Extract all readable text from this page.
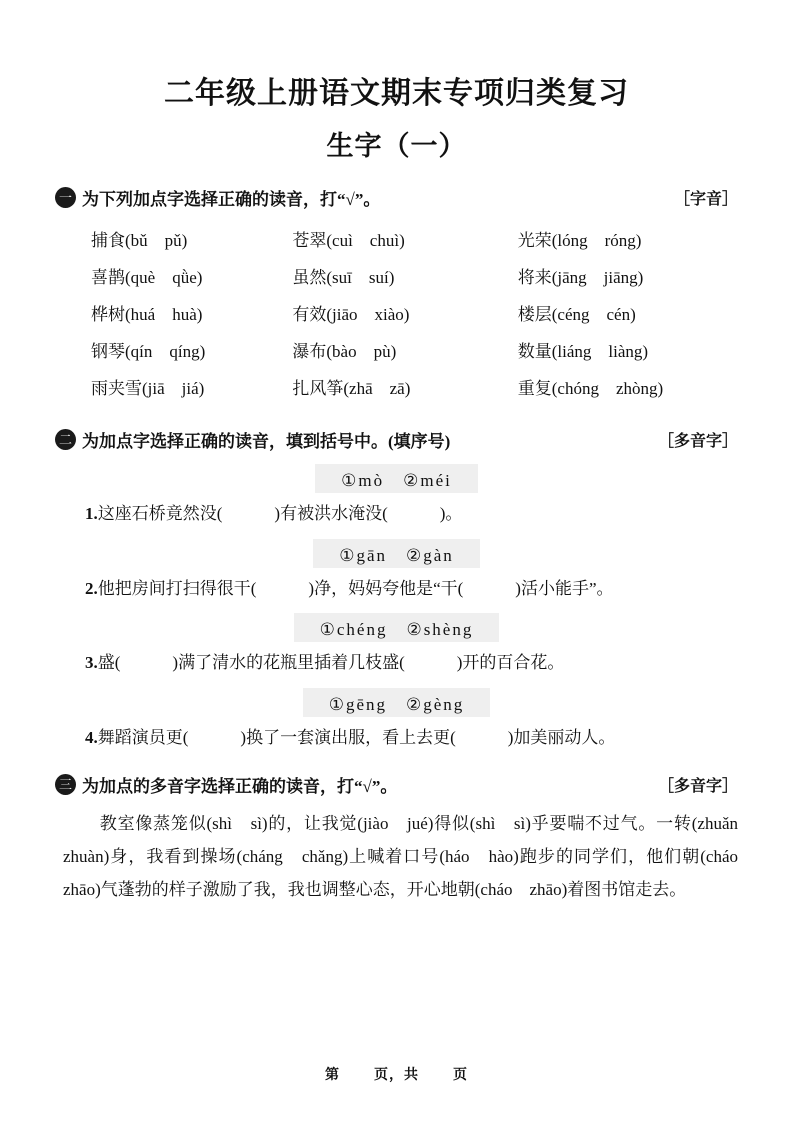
二年级上册语文期末专项归类复习
生字（一）
一 为下列加点字选择正确的读音，打“√”。	［字音］
捕食(bǔ　pǔ)	苍翠(cuì　chuì)	光荣(lóng　róng)
喜鹊(què　qǜe)	虽然(suī　suí)	将来(jāng　jiāng)
桦树(huá　huà)	有效(jiāo　xiào)	楼层(céng　cén)
钢琴(qín　qíng)	瀑布(bào　pù)	数量(liáng　liàng)
雨夹雪(jiā　jiá)	扎风筝(zhā　zā)	重复(chóng　zhòng)
二 为加点字选择正确的读音，填到括号中。(填序号)	［多音字］
①mò　②méi
1.这座石桥竟然没(	)有被洪水淹没(	)。
①gān　②gàn
2.他把房间打扫得很干(	)净，妈妈夸他是“干(	)活小能手”。
①chéng　②shèng
3.盛(	)满了清水的花瓶里插着几枝盛(	)开的百合花。
①gēng　②gèng
4.舞蹈演员更(	)换了一套演出服，看上去更(	)加美丽动人。
三 为加点的多音字选择正确的读音，打“√”。	［多音字］
教室像蒸笼似(shì　sì)的，让我觉(jiào　jué)得似(shì　sì)乎要喘不过气。一转(zhuǎn　zhuàn)身，我看到操场(cháng　chǎng)上喊着口号(háo　hào)跑步的同学们，他们朝(cháo　zhāo)气蓬勃的样子激励了我，我也调整心态，开心地朝(cháo　zhāo)着图书馆走去。
第 页，共 页
